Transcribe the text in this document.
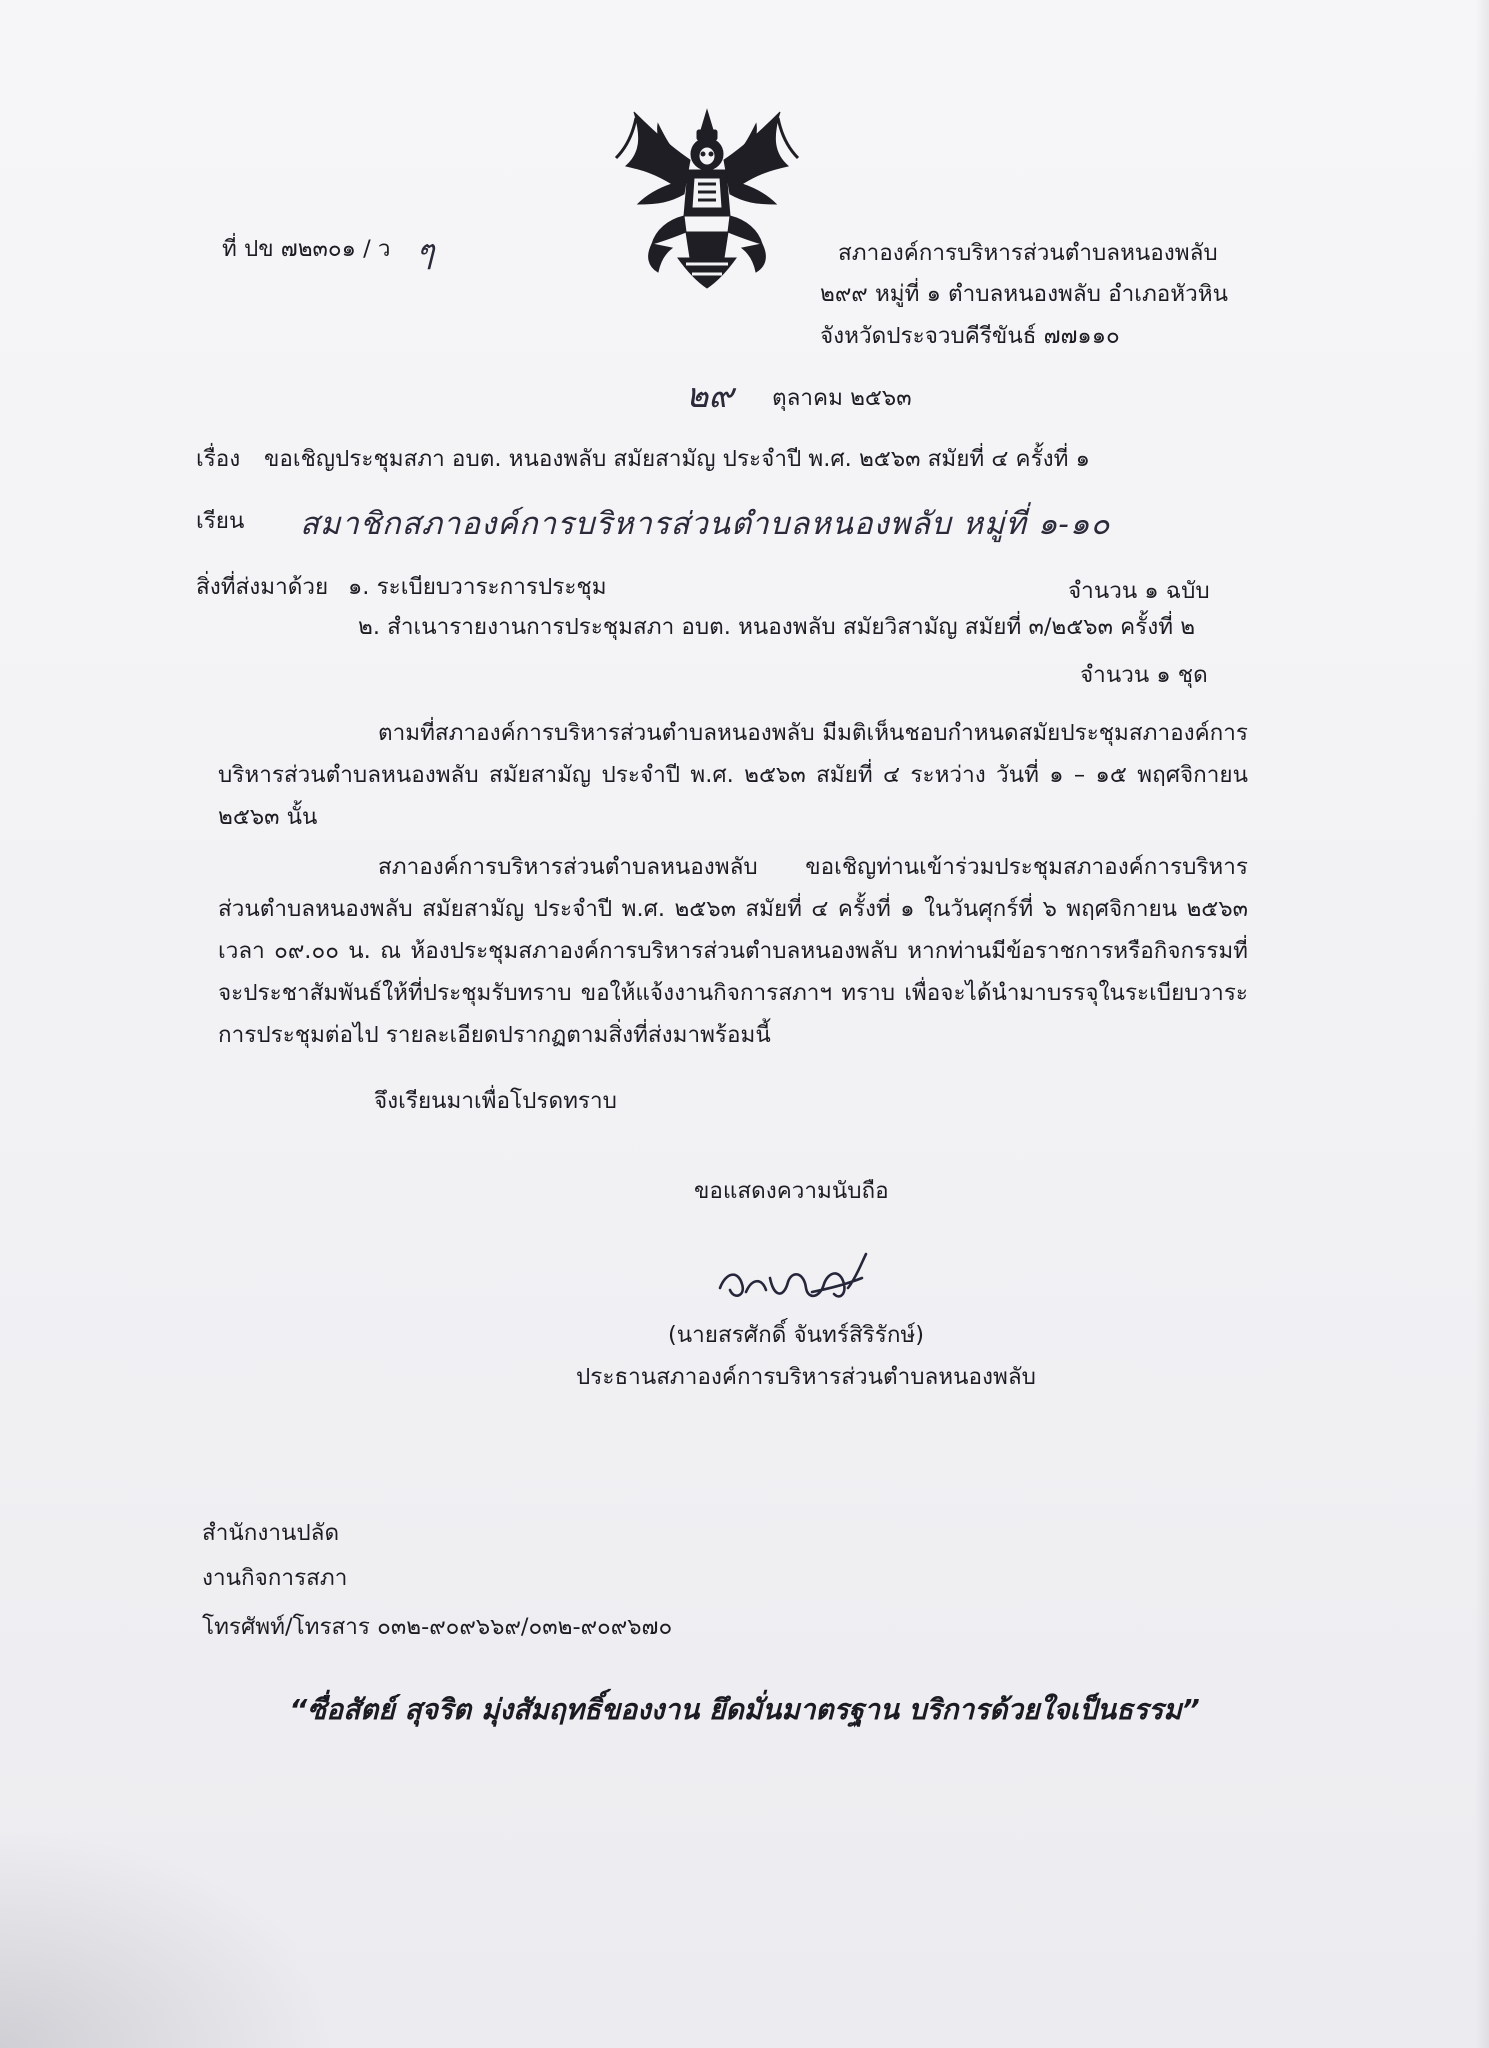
ที่ ปข ๗๒๓๐๑ / ว ๆ	สภาองค์การบริหารส่วนตำบลหนองพลับ
๒๙๙ หมู่ที่ ๑ ตำบลหนองพลับ อำเภอหัวหิน
จังหวัดประจวบคีรีขันธ์ ๗๗๑๑๐
๒๙ ตุลาคม ๒๕๖๓
เรื่อง ขอเชิญประชุมสภา อบต. หนองพลับ สมัยสามัญ ประจำปี พ.ศ. ๒๕๖๓ สมัยที่ ๔ ครั้งที่ ๑
เรียน สมาชิกสภาองค์การบริหารส่วนตำบลหนองพลับ หมู่ที่ ๑-๑๐
สิ่งที่ส่งมาด้วย ๑. ระเบียบวาระการประชุม	จำนวน ๑ ฉบับ
๒. สำเนารายงานการประชุมสภา อบต. หนองพลับ สมัยวิสามัญ สมัยที่ ๓/๒๕๖๓ ครั้งที่ ๒
จำนวน ๑ ชุด
ตามที่สภาองค์การบริหารส่วนตำบลหนองพลับ มีมติเห็นชอบกำหนดสมัยประชุมสภาองค์การบริหารส่วนตำบลหนองพลับ สมัยสามัญ ประจำปี พ.ศ. ๒๕๖๓ สมัยที่ ๔ ระหว่าง วันที่ ๑ – ๑๕ พฤศจิกายน ๒๕๖๓ นั้น
สภาองค์การบริหารส่วนตำบลหนองพลับ ขอเชิญท่านเข้าร่วมประชุมสภาองค์การบริหารส่วนตำบลหนองพลับ สมัยสามัญ ประจำปี พ.ศ. ๒๕๖๓ สมัยที่ ๔ ครั้งที่ ๑ ในวันศุกร์ที่ ๖ พฤศจิกายน ๒๕๖๓ เวลา ๐๙.๐๐ น. ณ ห้องประชุมสภาองค์การบริหารส่วนตำบลหนองพลับ หากท่านมีข้อราชการหรือกิจกรรมที่จะประชาสัมพันธ์ให้ที่ประชุมรับทราบ ขอให้แจ้งงานกิจการสภาฯ ทราบ เพื่อจะได้นำมาบรรจุในระเบียบวาระการประชุมต่อไป รายละเอียดปรากฏตามสิ่งที่ส่งมาพร้อมนี้
จึงเรียนมาเพื่อโปรดทราบ
ขอแสดงความนับถือ
(นายสรศักดิ์ จันทร์สิริรักษ์)
ประธานสภาองค์การบริหารส่วนตำบลหนองพลับ
สำนักงานปลัด
งานกิจการสภา
โทรศัพท์/โทรสาร ๐๓๒-๙๐๙๖๖๙/๐๓๒-๙๐๙๖๗๐
“ซื่อสัตย์ สุจริต มุ่งสัมฤทธิ์ของงาน ยึดมั่นมาตรฐาน บริการด้วยใจเป็นธรรม”
